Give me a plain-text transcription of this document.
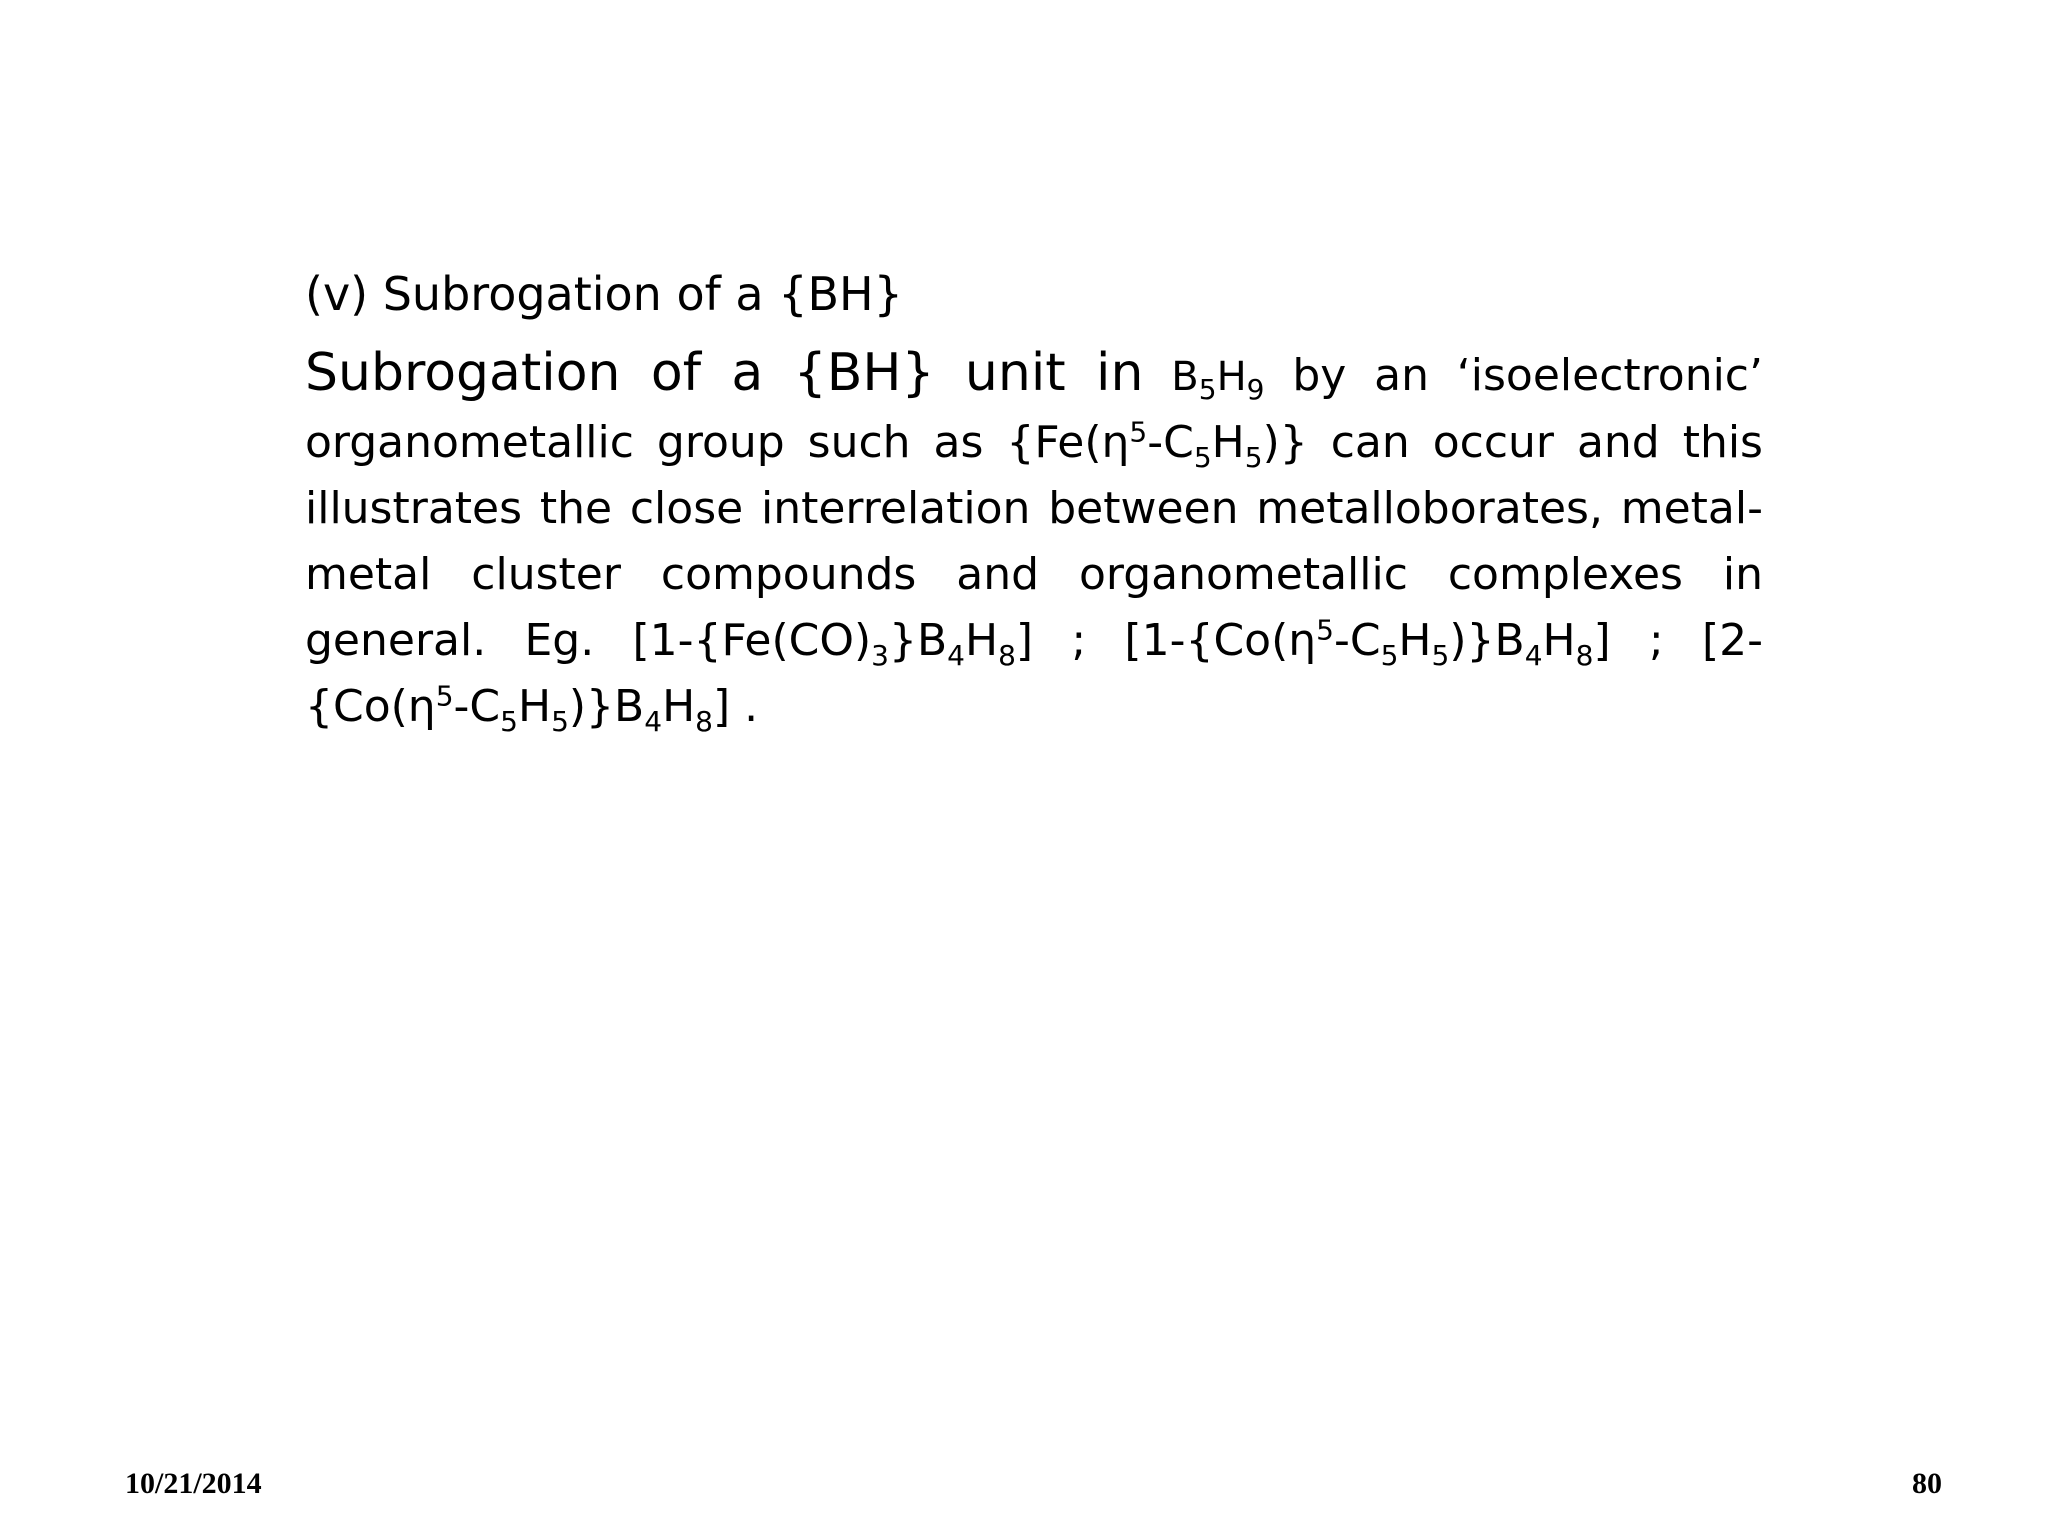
(v) Subrogation of a {BH}

Subrogation of a {BH} unit in $B_5H_9$ by an ‘isoelectronic’ organometallic group such as $\{Fe(\eta^5-C_5H_5)\}$ can occur and this illustrates the close interrelation between metalloborates, metal-metal cluster compounds and organometallic complexes in general. Eg. $[1-\{Fe(CO)_3\}B_4H_8]$ ; $[1-\{Co(\eta^5-C_5H_5)\}B_4H_8]$ ; $[2-\{Co(\eta^5-C_5H_5)\}B_4H_8]$ .

10/21/2014	80
